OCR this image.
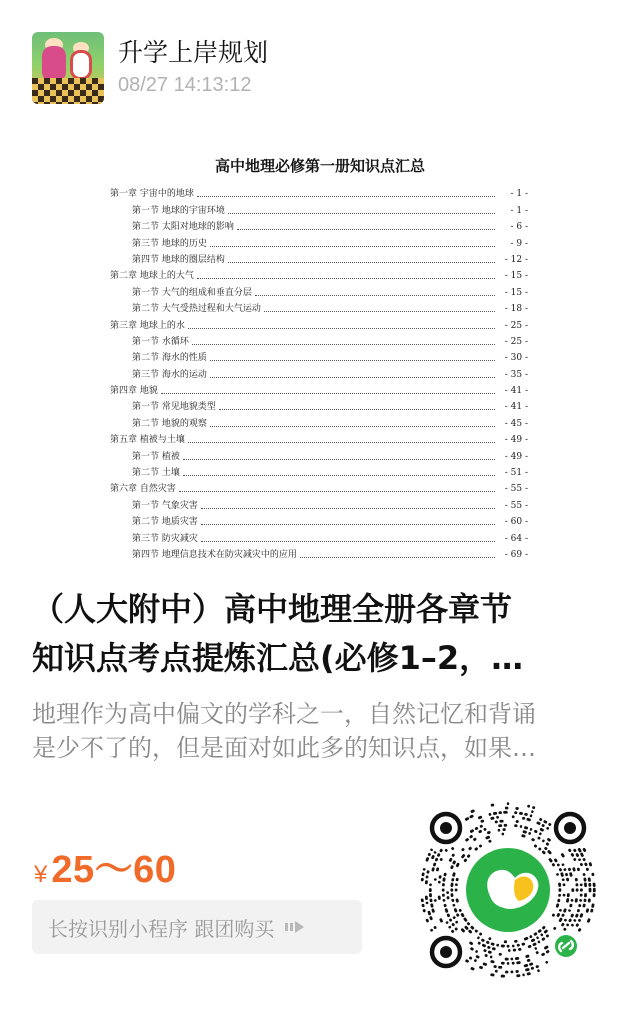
升学上岸规划
08/27 14:13:12
高中地理必修第一册知识点汇总
第一章 宇宙中的地球	- 1 -
第一节 地球的宇宙环境	- 1 -
第二节 太阳对地球的影响	- 6 -
第三节 地球的历史	- 9 -
第四节 地球的圈层结构	- 12 -
第二章 地球上的大气	- 15 -
第一节 大气的组成和垂直分层	- 15 -
第二节 大气受热过程和大气运动	- 18 -
第三章 地球上的水	- 25 -
第一节 水循环	- 25 -
第二节 海水的性质	- 30 -
第三节 海水的运动	- 35 -
第四章 地貌	- 41 -
第一节 常见地貌类型	- 41 -
第二节 地貌的观察	- 45 -
第五章 植被与土壤	- 49 -
第一节 植被	- 49 -
第二节 土壤	- 51 -
第六章 自然灾害	- 55 -
第一节 气象灾害	- 55 -
第二节 地质灾害	- 60 -
第三节 防灾减灾	- 64 -
第四节 地理信息技术在防灾减灾中的应用	- 69 -
（人大附中）高中地理全册各章节
知识点考点提炼汇总(必修1–2，…
地理作为高中偏文的学科之一，自然记忆和背诵
是少不了的，但是面对如此多的知识点，如果…
¥ 25～60
长按识别小程序 跟团购买
